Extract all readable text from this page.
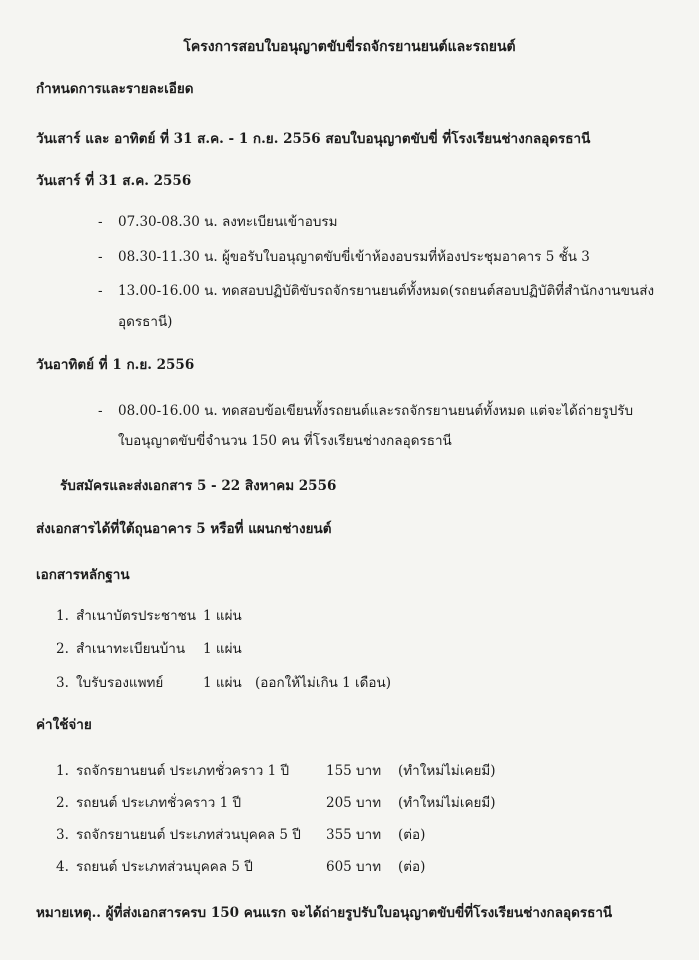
โครงการสอบใบอนุญาตขับขี่รถจักรยานยนต์และรถยนต์
กำหนดการและรายละเอียด
วันเสาร์ และ อาทิตย์ ที่ 31 ส.ค. - 1 ก.ย. 2556 สอบใบอนุญาตขับขี่ ที่โรงเรียนช่างกลอุดรธานี
วันเสาร์ ที่ 31 ส.ค. 2556
- 07.30-08.30 น. ลงทะเบียนเข้าอบรม
- 08.30-11.30 น. ผู้ขอรับใบอนุญาตขับขี่เข้าห้องอบรมที่ห้องประชุมอาคาร 5 ชั้น 3
- 13.00-16.00 น. ทดสอบปฏิบัติขับรถจักรยานยนต์ทั้งหมด(รถยนต์สอบปฏิบัติที่สำนักงานขนส่ง
อุดรธานี)
วันอาทิตย์ ที่ 1 ก.ย. 2556
- 08.00-16.00 น. ทดสอบข้อเขียนทั้งรถยนต์และรถจักรยานยนต์ทั้งหมด แต่จะได้ถ่ายรูปรับ
ใบอนุญาตขับขี่จำนวน 150 คน ที่โรงเรียนช่างกลอุดรธานี
รับสมัครและส่งเอกสาร 5 - 22 สิงหาคม 2556
ส่งเอกสารได้ที่ใต้ถุนอาคาร 5 หรือที่ แผนกช่างยนต์
เอกสารหลักฐาน
1. สำเนาบัตรประชาชน 1 แผ่น
2. สำเนาทะเบียนบ้าน 1 แผ่น
3. ใบรับรองแพทย์	1 แผ่น (ออกให้ไม่เกิน 1 เดือน)
ค่าใช้จ่าย
1. รถจักรยานยนต์ ประเภทชั่วคราว 1 ปี	155 บาท (ทำใหม่ไม่เคยมี)
2. รถยนต์ ประเภทชั่วคราว 1 ปี	205 บาท (ทำใหม่ไม่เคยมี)
3. รถจักรยานยนต์ ประเภทส่วนบุคคล 5 ปี 355 บาท (ต่อ)
4. รถยนต์ ประเภทส่วนบุคคล 5 ปี	605 บาท (ต่อ)
หมายเหตุ.. ผู้ที่ส่งเอกสารครบ 150 คนแรก จะได้ถ่ายรูปรับใบอนุญาตขับขี่ที่โรงเรียนช่างกลอุดรธานี
